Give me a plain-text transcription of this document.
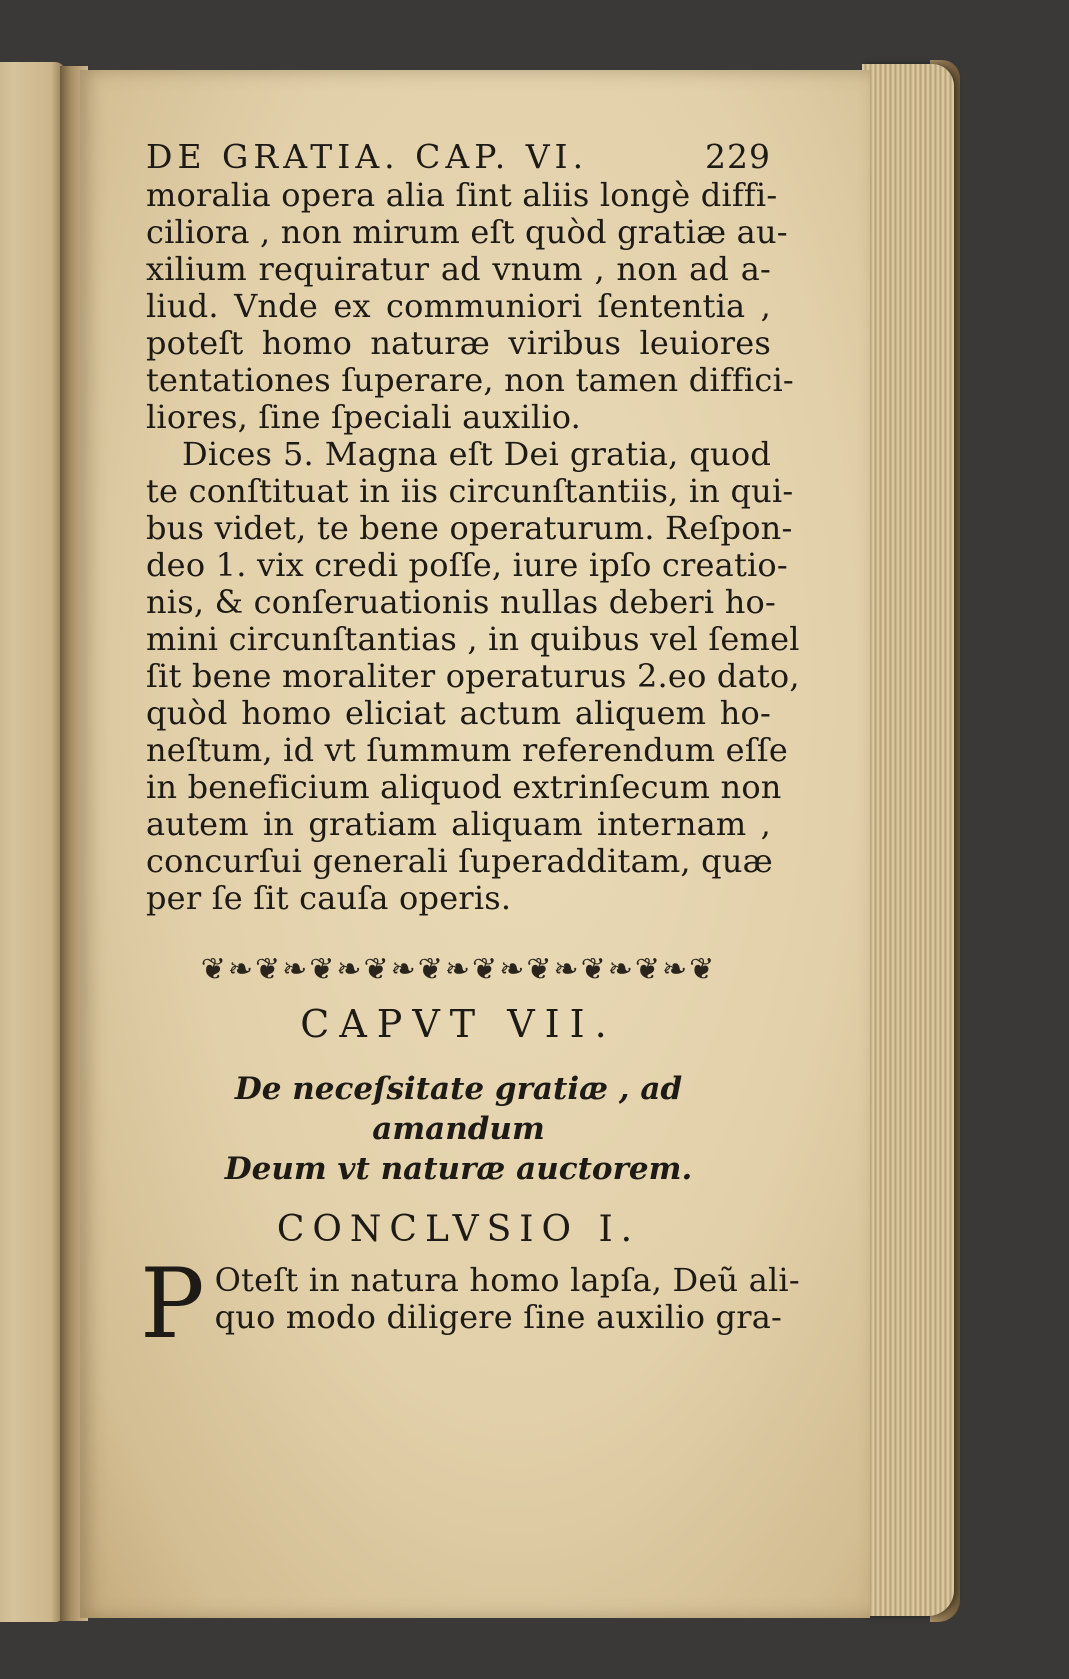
DE GRATIA. CAP. VI.	229
moralia opera alia ſint aliis longè diffi-
ciliora , non mirum eſt quòd gratiæ au-
xilium requiratur ad vnum , non ad a-
liud. Vnde ex communiori ſententia ,
poteſt homo naturæ viribus leuiores
tentationes ſuperare, non tamen diffici-
liores, ſine ſpeciali auxilio.
Dices 5. Magna eſt Dei gratia, quod
te conſtituat in iis circunſtantiis, in qui-
bus videt, te bene operaturum. Reſpon-
deo 1. vix credi poſſe, iure ipſo creatio-
nis, & conſeruationis nullas deberi ho-
mini circunſtantias , in quibus vel ſemel
ſit bene moraliter operaturus 2.eo dato,
quòd homo eliciat actum aliquem ho-
neſtum, id vt ſummum referendum eſſe
in beneficium aliquod extrinſecum non
autem in gratiam aliquam internam ,
concurſui generali ſuperadditam, quæ
per ſe ſit cauſa operis.
❦❧❦❧❦❧❦❧❦❧❦❧❦❧❦❧❦❧❦
CAPVT VII.
De neceſsitate gratiæ , ad amandum
Deum vt naturæ auctorem.
CONCLVSIO I.
P Oteſt in natura homo lapſa, Deũ ali-
quo modo diligere ſine auxilio gra-
